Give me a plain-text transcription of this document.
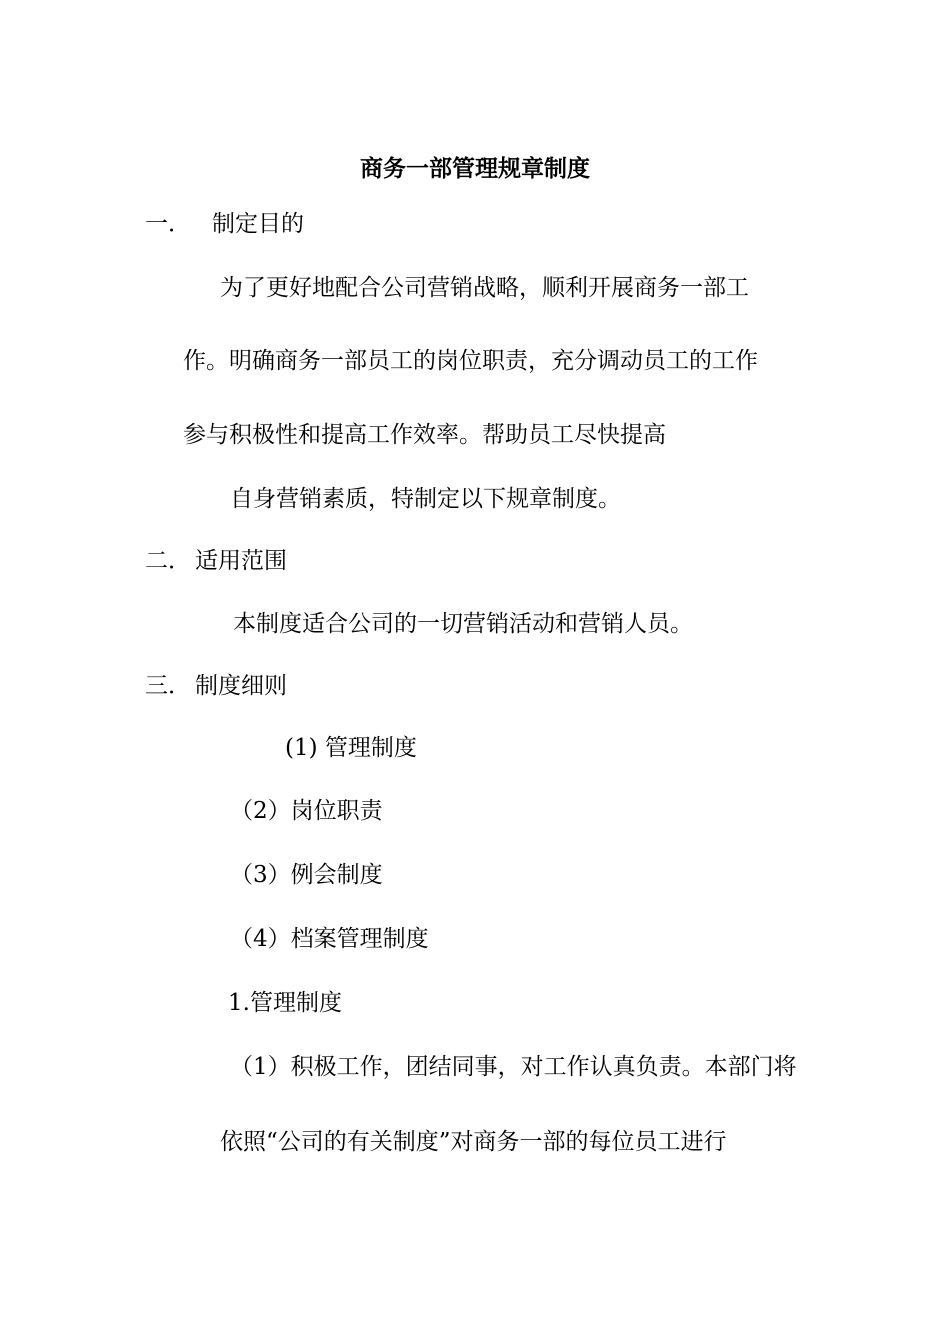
商务一部管理规章制度
一． 制定目的
为了更好地配合公司营销战略，顺利开展商务一部工
作。明确商务一部员工的岗位职责，充分调动员工的工作
参与积极性和提高工作效率。帮助员工尽快提高
自身营销素质，特制定以下规章制度。
二． 适用范围
本制度适合公司的一切营销活动和营销人员。
三． 制度细则
(1) 管理制度
（2）岗位职责
（3）例会制度
（4）档案管理制度
1.管理制度
（1）积极工作，团结同事，对工作认真负责。本部门将
依照“公司的有关制度”对商务一部的每位员工进行
